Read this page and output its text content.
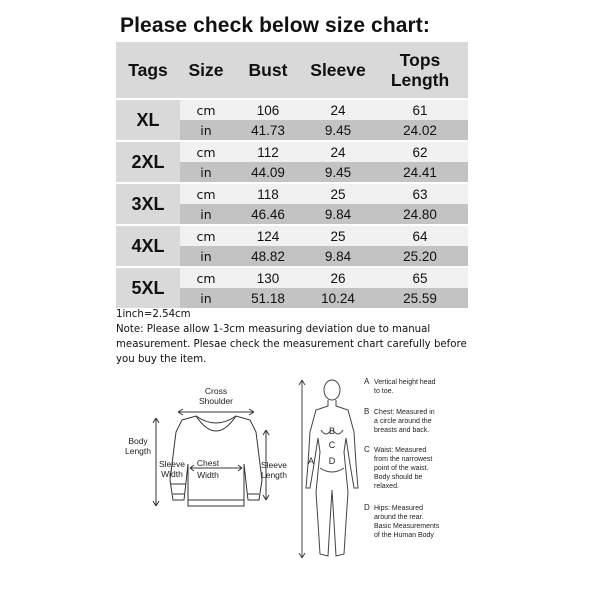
Please check below size chart:
Tags	Size	Bust	Sleeve	Tops Length
XL	cm	106	24	61
	in	41.73	9.45	24.02
2XL	cm	112	24	62
	in	44.09	9.45	24.41
3XL	cm	118	25	63
	in	46.46	9.84	24.80
4XL	cm	124	25	64
	in	48.82	9.84	25.20
5XL	cm	130	26	65
	in	51.18	10.24	25.59

1inch=2.54cm

Note: Please allow 1-3cm measuring deviation due to manual

measurement. Plesae check the measurement chart carefully before

you buy the item.

Cross
Shoulder
Body
Length
Sleeve
Width
Chest
Width
Sleeve
Length
A
B
C
D
A Vertical height head
to toe.
B Chest: Measured in
a circle around the
breasts and back.
C Waist: Measured
from the narrowest
point of the waist.
Body should be
relaxed.
D Hips: Measured
around the rear.
Basic Measurements
of the Human Body
